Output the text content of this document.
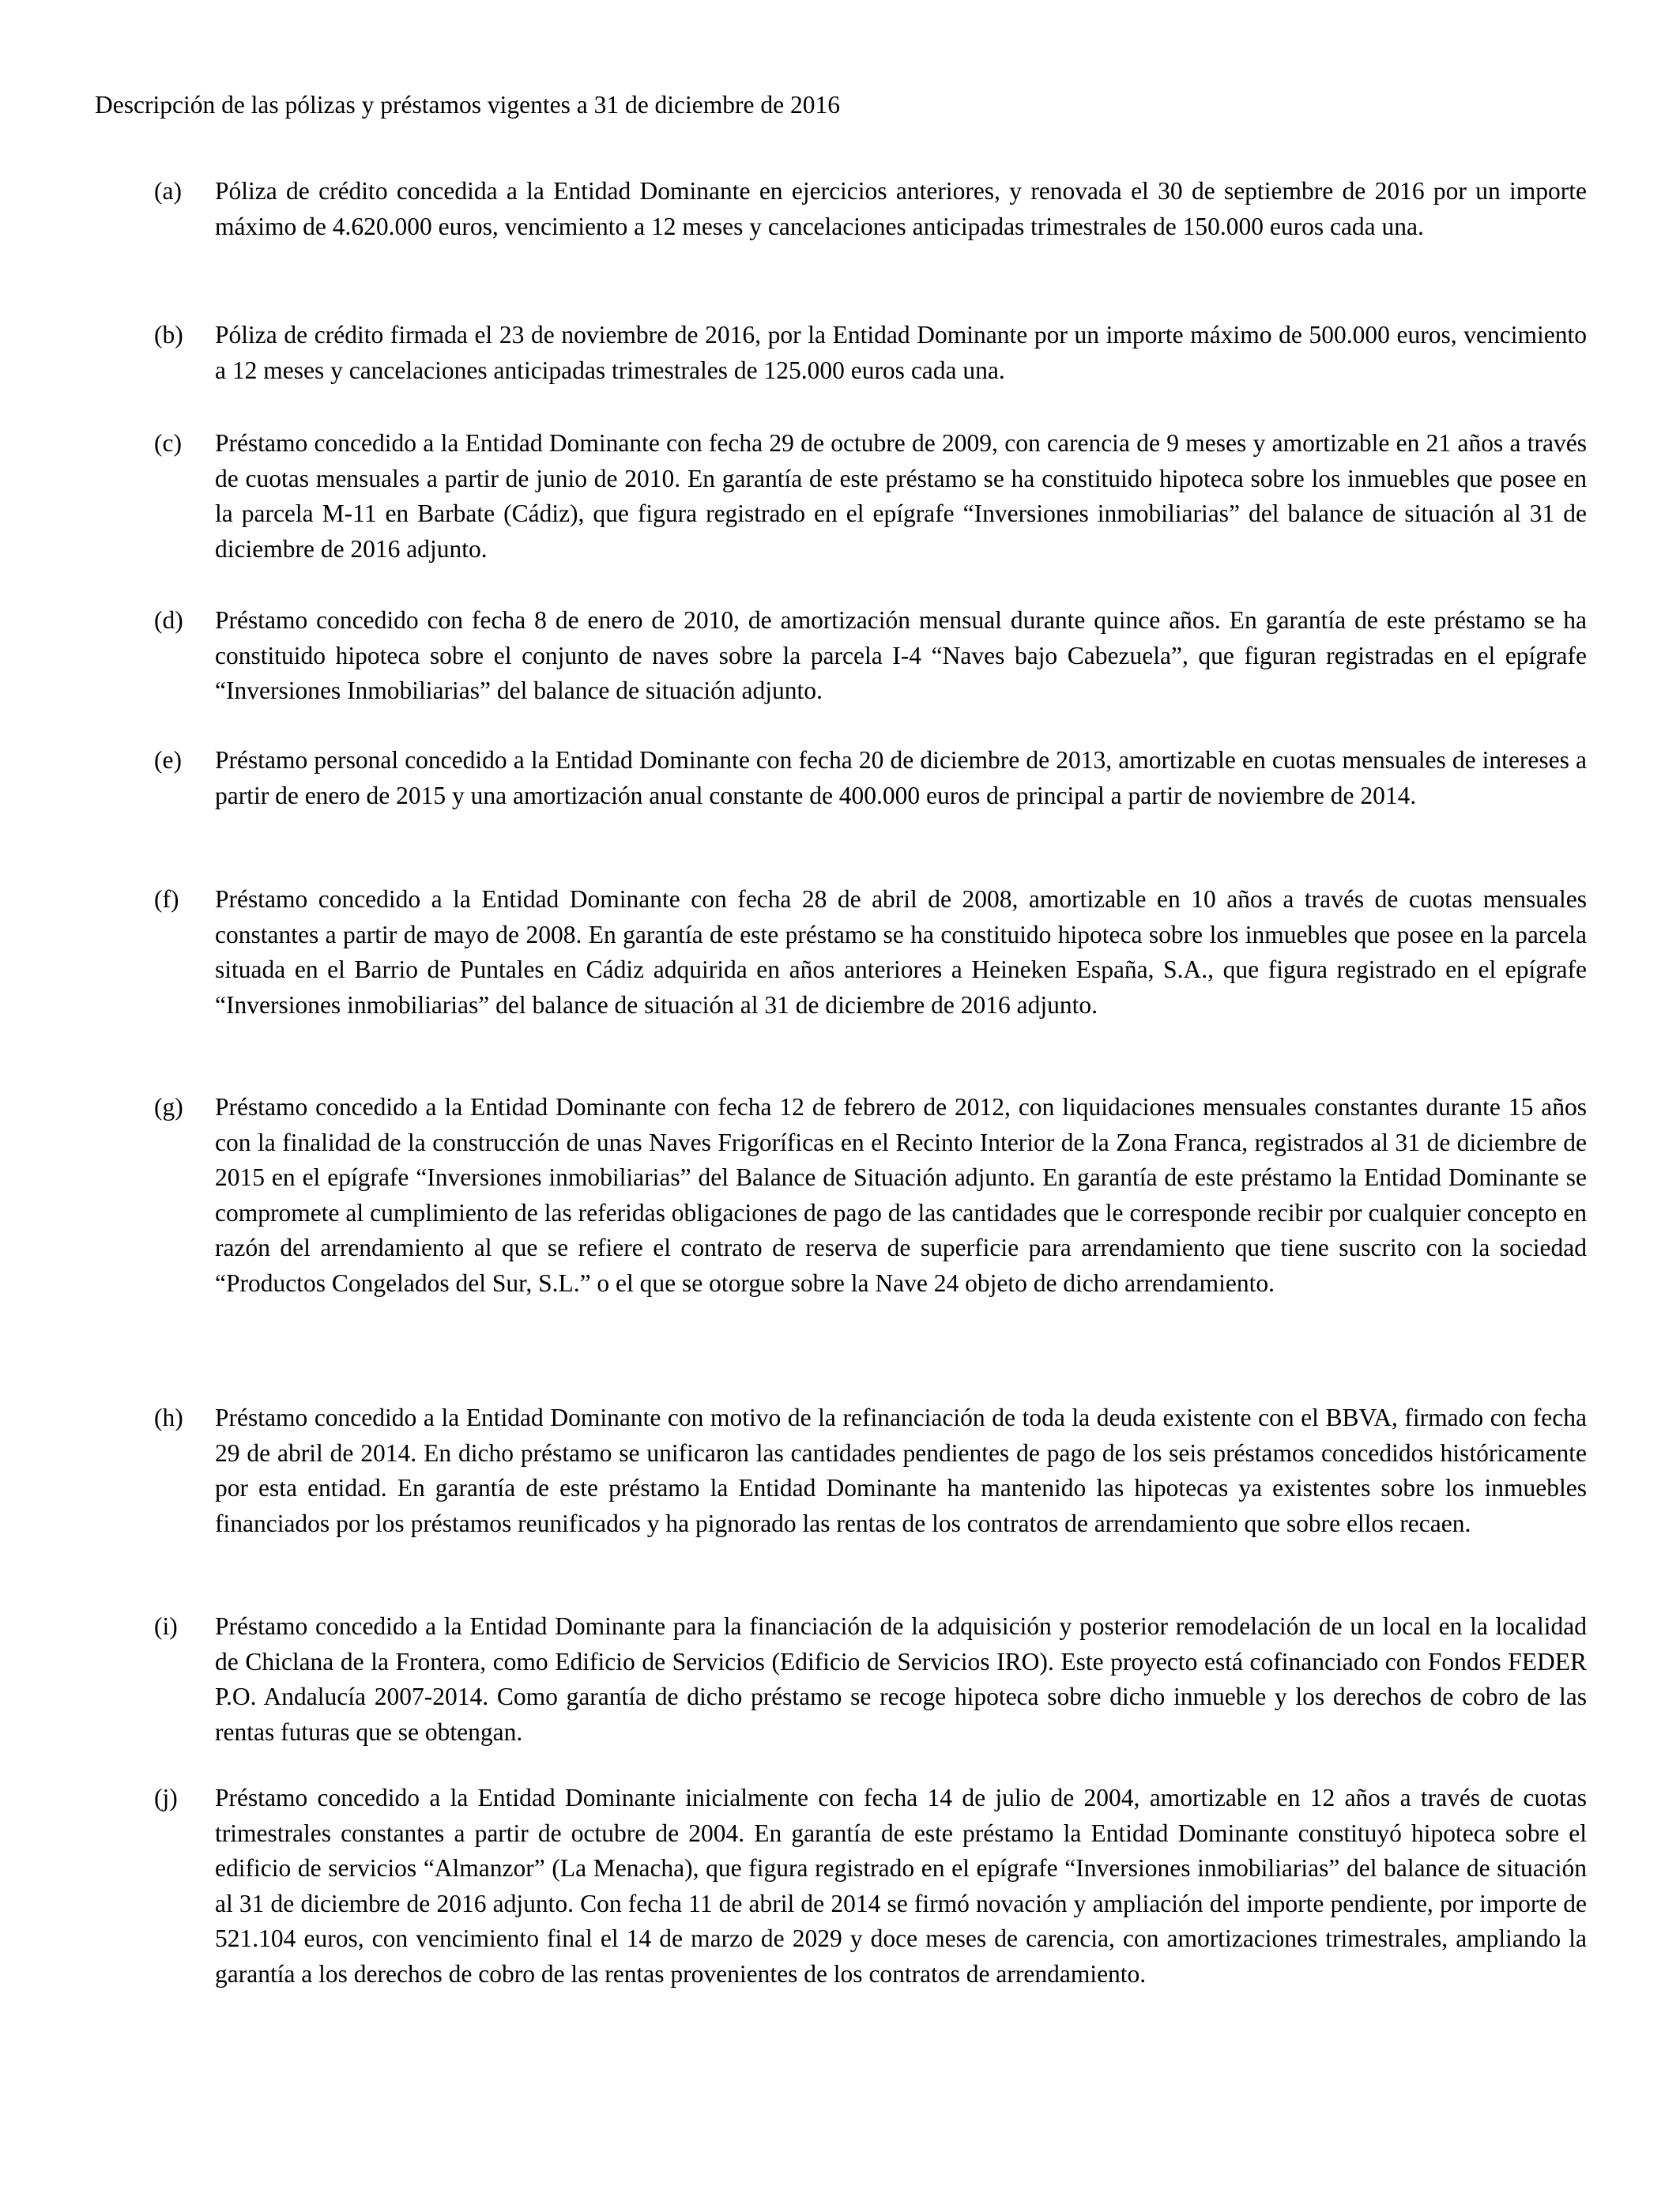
Descripción de las pólizas y préstamos vigentes a 31 de diciembre de 2016
(a)	Póliza de crédito concedida a la Entidad Dominante en ejercicios anteriores, y renovada el 30 de septiembre de 2016 por un importe máximo de 4.620.000 euros, vencimiento a 12 meses y cancelaciones anticipadas trimestrales de 150.000 euros cada una.
(b)	Póliza de crédito firmada el 23 de noviembre de 2016, por la Entidad Dominante por un importe máximo de 500.000 euros, vencimiento a 12 meses y cancelaciones anticipadas trimestrales de 125.000 euros cada una.
(c)	Préstamo concedido a la Entidad Dominante con fecha 29 de octubre de 2009, con carencia de 9 meses y amortizable en 21 años a través de cuotas mensuales a partir de junio de 2010. En garantía de este préstamo se ha constituido hipoteca sobre los inmuebles que posee en la parcela M-11 en Barbate (Cádiz), que figura registrado en el epígrafe “Inversiones inmobiliarias” del balance de situación al 31 de diciembre de 2016 adjunto.
(d)	Préstamo concedido con fecha 8 de enero de 2010, de amortización mensual durante quince años. En garantía de este préstamo se ha constituido hipoteca sobre el conjunto de naves sobre la parcela I-4 “Naves bajo Cabezuela”, que figuran registradas en el epígrafe “Inversiones Inmobiliarias” del balance de situación adjunto.
(e)	Préstamo personal concedido a la Entidad Dominante con fecha 20 de diciembre de 2013, amortizable en cuotas mensuales de intereses a partir de enero de 2015 y una amortización anual constante de 400.000 euros de principal a partir de noviembre de 2014.
(f)	Préstamo concedido a la Entidad Dominante con fecha 28 de abril de 2008, amortizable en 10 años a través de cuotas mensuales constantes a partir de mayo de 2008. En garantía de este préstamo se ha constituido hipoteca sobre los inmuebles que posee en la parcela situada en el Barrio de Puntales en Cádiz adquirida en años anteriores a Heineken España, S.A., que figura registrado en el epígrafe “Inversiones inmobiliarias” del balance de situación al 31 de diciembre de 2016 adjunto.
(g)	Préstamo concedido a la Entidad Dominante con fecha 12 de febrero de 2012, con liquidaciones mensuales constantes durante 15 años con la finalidad de la construcción de unas Naves Frigoríficas en el Recinto Interior de la Zona Franca, registrados al 31 de diciembre de 2015 en el epígrafe “Inversiones inmobiliarias” del Balance de Situación adjunto. En garantía de este préstamo la Entidad Dominante se compromete al cumplimiento de las referidas obligaciones de pago de las cantidades que le corresponde recibir por cualquier concepto en razón del arrendamiento al que se refiere el contrato de reserva de superficie para arrendamiento que tiene suscrito con la sociedad “Productos Congelados del Sur, S.L.” o el que se otorgue sobre la Nave 24 objeto de dicho arrendamiento.
(h)	Préstamo concedido a la Entidad Dominante con motivo de la refinanciación de toda la deuda existente con el BBVA, firmado con fecha 29 de abril de 2014. En dicho préstamo se unificaron las cantidades pendientes de pago de los seis préstamos concedidos históricamente por esta entidad. En garantía de este préstamo la Entidad Dominante ha mantenido las hipotecas ya existentes sobre los inmuebles financiados por los préstamos reunificados y ha pignorado las rentas de los contratos de arrendamiento que sobre ellos recaen.
(i)	Préstamo concedido a la Entidad Dominante para la financiación de la adquisición y posterior remodelación de un local en la localidad de Chiclana de la Frontera, como Edificio de Servicios (Edificio de Servicios IRO). Este proyecto está cofinanciado con Fondos FEDER P.O. Andalucía 2007-2014. Como garantía de dicho préstamo se recoge hipoteca sobre dicho inmueble y los derechos de cobro de las rentas futuras que se obtengan.
(j)	Préstamo concedido a la Entidad Dominante inicialmente con fecha 14 de julio de 2004, amortizable en 12 años a través de cuotas trimestrales constantes a partir de octubre de 2004. En garantía de este préstamo la Entidad Dominante constituyó hipoteca sobre el edificio de servicios “Almanzor” (La Menacha), que figura registrado en el epígrafe “Inversiones inmobiliarias” del balance de situación al 31 de diciembre de 2016 adjunto. Con fecha 11 de abril de 2014 se firmó novación y ampliación del importe pendiente, por importe de 521.104 euros, con vencimiento final el 14 de marzo de 2029 y doce meses de carencia, con amortizaciones trimestrales, ampliando la garantía a los derechos de cobro de las rentas provenientes de los contratos de arrendamiento.
